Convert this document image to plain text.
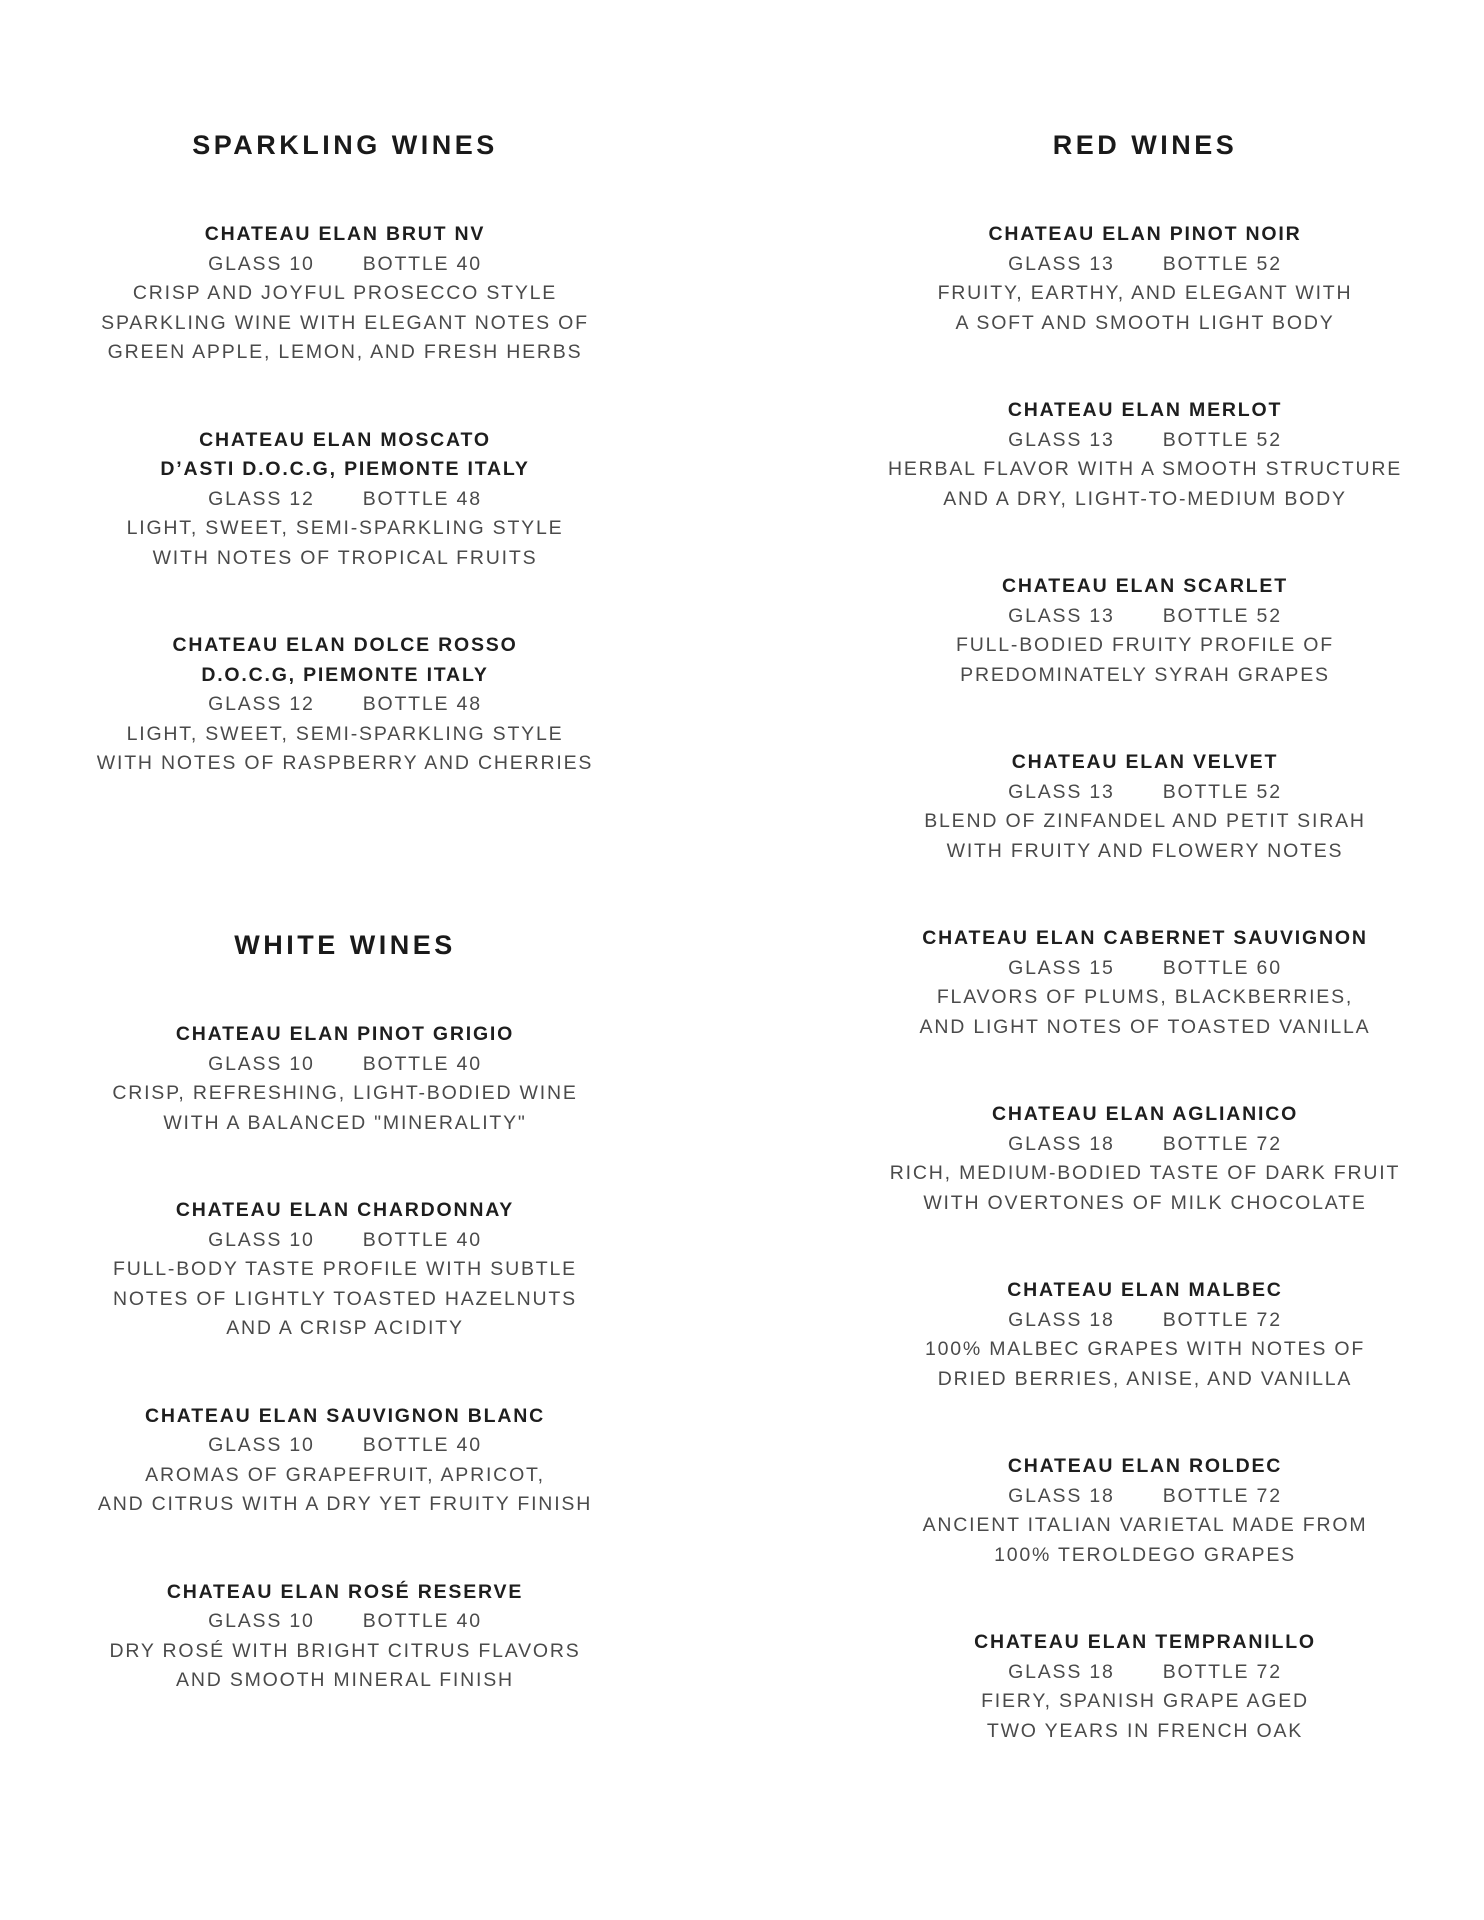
SPARKLING WINES
CHATEAU ELAN BRUT NV
GLASS 10 BOTTLE 40
CRISP AND JOYFUL PROSECCO STYLE
SPARKLING WINE WITH ELEGANT NOTES OF
GREEN APPLE, LEMON, AND FRESH HERBS
CHATEAU ELAN MOSCATO
D’ASTI D.O.C.G, PIEMONTE ITALY
GLASS 12 BOTTLE 48
LIGHT, SWEET, SEMI-SPARKLING STYLE
WITH NOTES OF TROPICAL FRUITS
CHATEAU ELAN DOLCE ROSSO
D.O.C.G, PIEMONTE ITALY
GLASS 12 BOTTLE 48
LIGHT, SWEET, SEMI-SPARKLING STYLE
WITH NOTES OF RASPBERRY AND CHERRIES
WHITE WINES
CHATEAU ELAN PINOT GRIGIO
GLASS 10 BOTTLE 40
CRISP, REFRESHING, LIGHT-BODIED WINE
WITH A BALANCED "MINERALITY"
CHATEAU ELAN CHARDONNAY
GLASS 10 BOTTLE 40
FULL-BODY TASTE PROFILE WITH SUBTLE
NOTES OF LIGHTLY TOASTED HAZELNUTS
AND A CRISP ACIDITY
CHATEAU ELAN SAUVIGNON BLANC
GLASS 10 BOTTLE 40
AROMAS OF GRAPEFRUIT, APRICOT,
AND CITRUS WITH A DRY YET FRUITY FINISH
CHATEAU ELAN ROSÉ RESERVE
GLASS 10 BOTTLE 40
DRY ROSÉ WITH BRIGHT CITRUS FLAVORS
AND SMOOTH MINERAL FINISH
RED WINES
CHATEAU ELAN PINOT NOIR
GLASS 13 BOTTLE 52
FRUITY, EARTHY, AND ELEGANT WITH
A SOFT AND SMOOTH LIGHT BODY
CHATEAU ELAN MERLOT
GLASS 13 BOTTLE 52
HERBAL FLAVOR WITH A SMOOTH STRUCTURE
AND A DRY, LIGHT-TO-MEDIUM BODY
CHATEAU ELAN SCARLET
GLASS 13 BOTTLE 52
FULL-BODIED FRUITY PROFILE OF
PREDOMINATELY SYRAH GRAPES
CHATEAU ELAN VELVET
GLASS 13 BOTTLE 52
BLEND OF ZINFANDEL AND PETIT SIRAH
WITH FRUITY AND FLOWERY NOTES
CHATEAU ELAN CABERNET SAUVIGNON
GLASS 15 BOTTLE 60
FLAVORS OF PLUMS, BLACKBERRIES,
AND LIGHT NOTES OF TOASTED VANILLA
CHATEAU ELAN AGLIANICO
GLASS 18 BOTTLE 72
RICH, MEDIUM-BODIED TASTE OF DARK FRUIT
WITH OVERTONES OF MILK CHOCOLATE
CHATEAU ELAN MALBEC
GLASS 18 BOTTLE 72
100% MALBEC GRAPES WITH NOTES OF
DRIED BERRIES, ANISE, AND VANILLA
CHATEAU ELAN ROLDEC
GLASS 18 BOTTLE 72
ANCIENT ITALIAN VARIETAL MADE FROM
100% TEROLDEGO GRAPES
CHATEAU ELAN TEMPRANILLO
GLASS 18 BOTTLE 72
FIERY, SPANISH GRAPE AGED
TWO YEARS IN FRENCH OAK
